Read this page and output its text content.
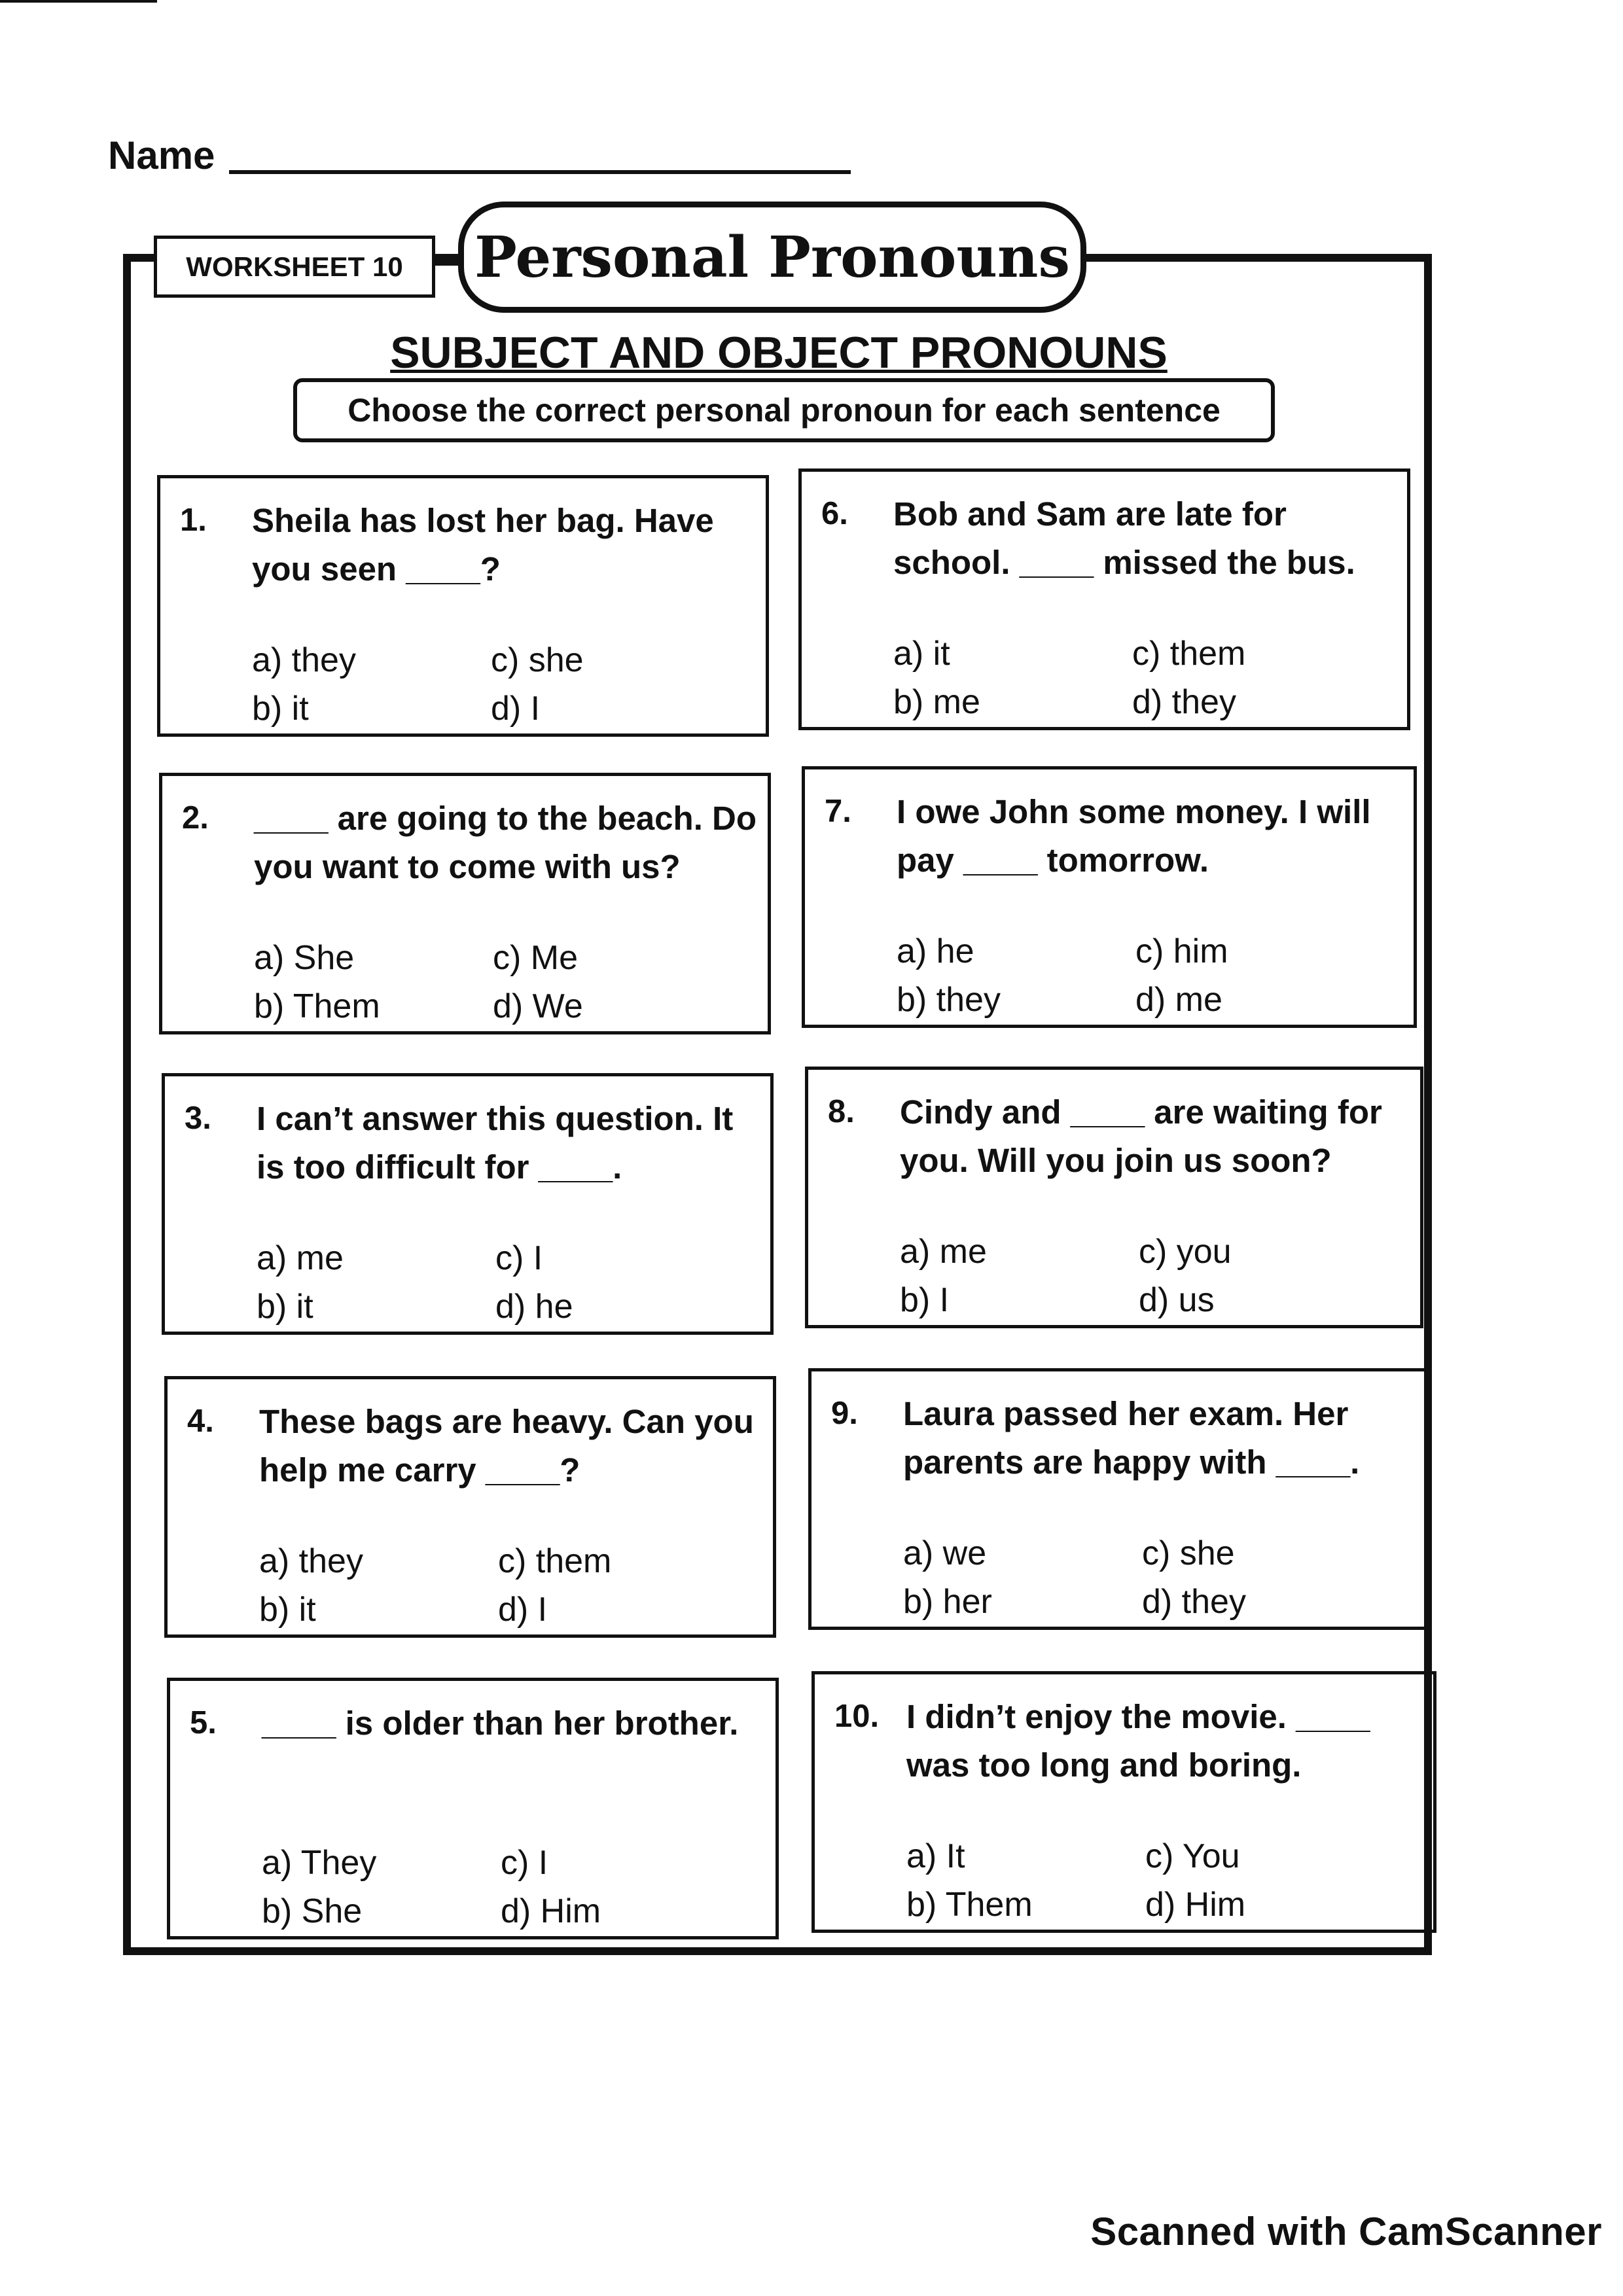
Name
WORKSHEET 10	Personal Pronouns
SUBJECT AND OBJECT PRONOUNS
Choose the correct personal pronoun for each sentence
1. Sheila has lost her bag. Have you seen ____?
a) they
b) it
c) she
d) I
2. ____ are going to the beach. Do you want to come with us?
a) She
b) Them
c) Me
d) We
3. I can’t answer this question. It is too difficult for ____.
a) me
b) it
c) I
d) he
4. These bags are heavy. Can you help me carry ____?
a) they
b) it
c) them
d) I
5. ____ is older than her brother.
a) They
b) She
c) I
d) Him
6. Bob and Sam are late for school. ____ missed the bus.
a) it
b) me
c) them
d) they
7. I owe John some money. I will pay ____ tomorrow.
a) he
b) they
c) him
d) me
8. Cindy and ____ are waiting for you. Will you join us soon?
a) me
b) I
c) you
d) us
9. Laura passed her exam. Her parents are happy with ____.
a) we
b) her
c) she
d) they
10. I didn’t enjoy the movie. ____ was too long and boring.
a) It
b) Them
c) You
d) Him
Scanned with CamScanner
